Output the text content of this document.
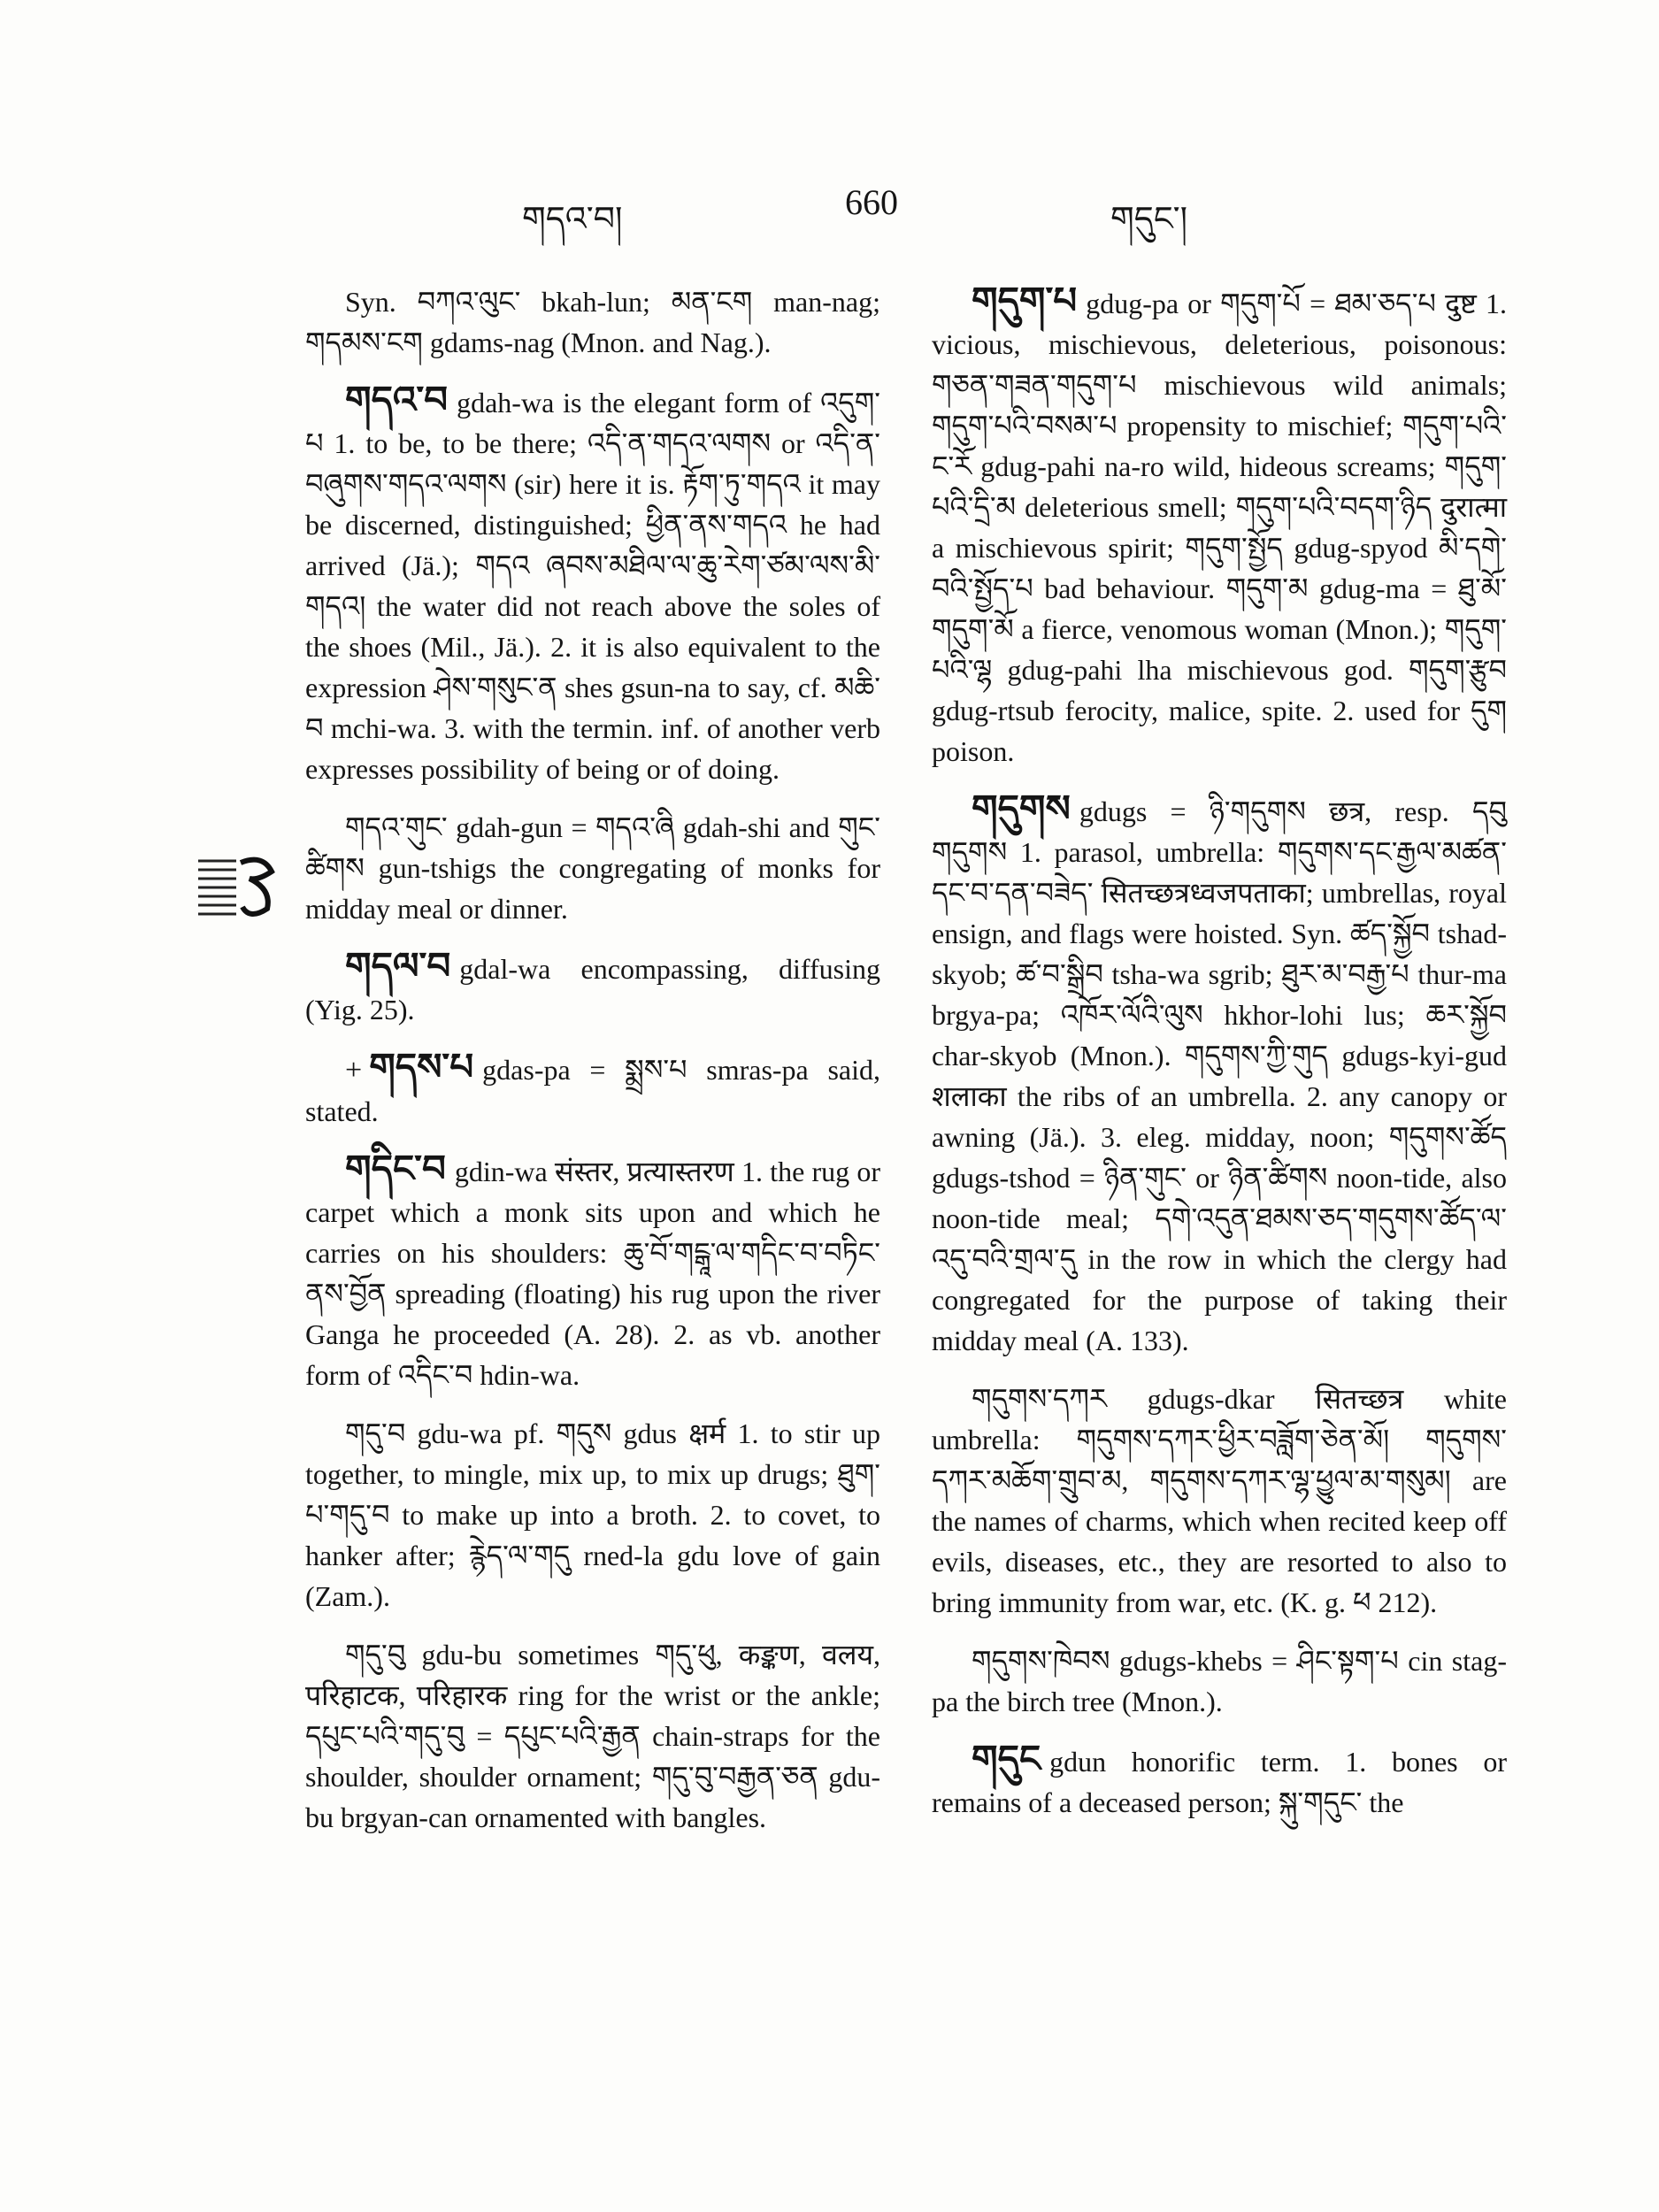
གདའ་བ།	660	གདུང་།

Syn. བཀའ་ལུང་ bkah-lun; མན་ངག man-nag; གདམས་ངག gdams-nag (Mnon. and Nag.).

གདའ་བ gdah-wa is the elegant form of འདུག་པ 1. to be, to be there; འདི་ན་གདའ་ལགས or འདི་ན་བཞུགས་གདའ་ལགས (sir) here it is. རྟོག་ཏུ་གདའ it may be discerned, distinguished; ཕྱིན་ནས་གདའ he had arrived (Jä.); གདའ ཞབས་མཐིལ་ལ་ཆུ་རེག་ཙམ་ལས་མི་གདའ། the water did not reach above the soles of the shoes (Mil., Jä.). 2. it is also equivalent to the expression ཤེས་གསུང་ན shes gsun-na to say, cf. མཆི་བ mchi-wa. 3. with the termin. inf. of another verb expresses possibility of being or of doing.

གདའ་གུང་ gdah-gun = གདའ་ཞི gdah-shi and གུང་ཚིགས gun-tshigs the congregating of monks for midday meal or dinner.

གདལ་བ gdal-wa encompassing, diffusing (Yig. 25).

+ གདས་པ gdas-pa = སྨྲས་པ smras-pa said, stated.

གདིང་བ gdin-wa संस्तर, प्रत्यास्तरण 1. the rug or carpet which a monk sits upon and which he carries on his shoulders: ཆུ་བོ་གངྒཱ་ལ་གདིང་བ་བཏིང་ནས་བྱོན spreading (floating) his rug upon the river Ganga he proceeded (A. 28). 2. as vb. another form of འདིང་བ hdin-wa.

གདུ་བ gdu-wa pf. གདུས gdus क्षर्म 1. to stir up together, to mingle, mix up, to mix up drugs; ཐུག་པ་གདུ་བ to make up into a broth. 2. to covet, to hanker after; རྙེད་ལ་གདུ rned-la gdu love of gain (Zam.).

གདུ་བུ gdu-bu sometimes གདུ་ཕུ, कङ्कण, वलय, परिहाटक, परिहारक ring for the wrist or the ankle; དཔུང་པའི་གདུ་བུ = དཔུང་པའི་རྒྱན chain-straps for the shoulder, shoulder ornament; གདུ་བུ་བརྒྱན་ཅན gdu-bu brgyan-can ornamented with bangles.

གདུག་པ gdug-pa or གདུག་པོ = ཐམ་ཅད་པ दुष्ट 1. vicious, mischievous, deleterious, poisonous: གཅན་གཟན་གདུག་པ mischievous wild animals; གདུག་པའི་བསམ་པ propensity to mischief; གདུག་པའི་ང་རོ gdug-pahi na-ro wild, hideous screams; གདུག་པའི་དྲི་མ deleterious smell; གདུག་པའི་བདག་ཉིད दुरात्मा a mischievous spirit; གདུག་སྤྱོད gdug-spyod མི་དགེ་བའི་སྤྱོད་པ bad behaviour. གདུག་མ gdug-ma = ཐུ་མོ་ གདུག་མོ a fierce, venomous woman (Mnon.); གདུག་པའི་ལྷ gdug-pahi lha mischievous god. གདུག་རྩུབ gdug-rtsub ferocity, malice, spite. 2. used for དུག poison.

གདུགས gdugs = ཉི་གདུགས छत्र, resp. དབུ གདུགས 1. parasol, umbrella: གདུགས་དང་རྒྱལ་མཚན་དང་བ་དན་བཟེད་ सितच्छत्रध्वजपताका; umbrellas, royal ensign, and flags were hoisted. Syn. ཚད་སྐྱོབ tshad-skyob; ཚ་བ་སྒྲིབ tsha-wa sgrib; ཐུར་མ་བརྒྱ་པ thur-ma brgya-pa; འཁོར་ལོའི་ལུས hkhor-lohi lus; ཆར་སྐྱོབ char-skyob (Mnon.). གདུགས་ཀྱི་གུད gdugs-kyi-gud शलाका the ribs of an umbrella. 2. any canopy or awning (Jä.). 3. eleg. midday, noon; གདུགས་ཚོད gdugs-tshod = ཉིན་གུང་ or ཉིན་ཚིགས noon-tide, also noon-tide meal; དགེ་འདུན་ཐམས་ཅད་གདུགས་ཚོད་ལ་འདུ་བའི་གྲལ་དུ in the row in which the clergy had congregated for the purpose of taking their midday meal (A. 133).

གདུགས་དཀར gdugs-dkar सितच्छत्र white umbrella: གདུགས་དཀར་ཕྱིར་བཟློག་ཅེན་མོ། གདུགས་དཀར་མཆོག་གྲུབ་མ, གདུགས་དཀར་ལྷ་ཕྱུལ་མ་གསུམ། are the names of charms, which when recited keep off evils, diseases, etc., they are resorted to also to bring immunity from war, etc. (K. g. ཕ 212).

གདུགས་ཁེབས gdugs-khebs = ཤིང་སྟག་པ cin stag-pa the birch tree (Mnon.).

གདུང gdun honorific term. 1. bones or remains of a deceased person; སྐུ་གདུང་ the
